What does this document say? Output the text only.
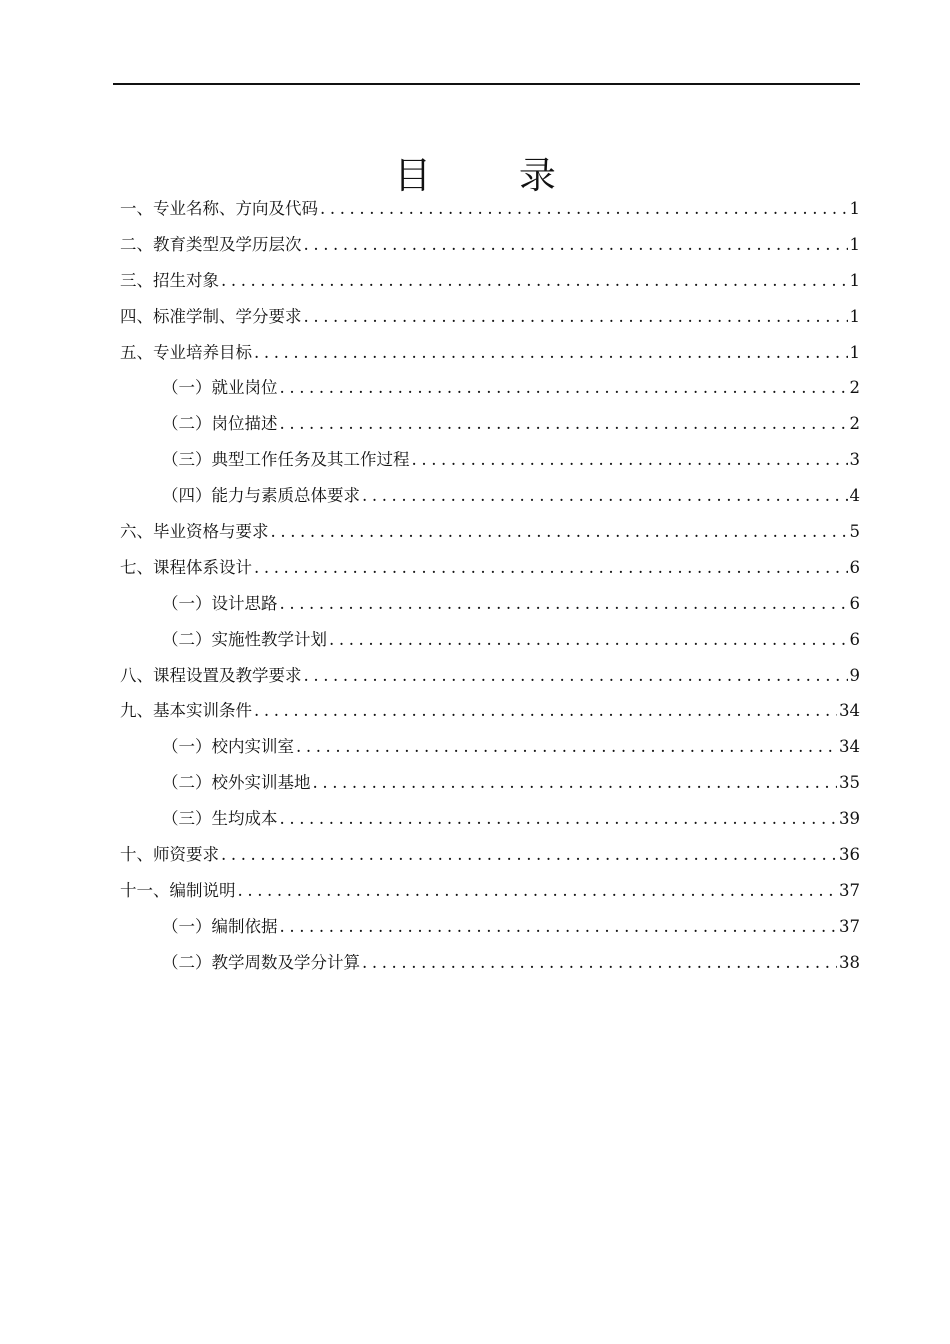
目 录
一、专业名称、方向及代码 .....	1
二、教育类型及学历层次 .....	1
三、招生对象 .....	1
四、标准学制、学分要求 .....	1
五、专业培养目标 .....	1
（一）就业岗位 .....	2
（二）岗位描述 .....	2
（三）典型工作任务及其工作过程 .....	3
（四）能力与素质总体要求 .....	4
六、毕业资格与要求 .....	5
七、课程体系设计 .....	6
（一）设计思路 .....	6
（二）实施性教学计划 .....	6
八、课程设置及教学要求 .....	9
九、基本实训条件 .....	34
（一）校内实训室 .....	34
（二）校外实训基地 .....	35
（三）生均成本 .....	39
十、师资要求 .....	36
十一、编制说明 .....	37
（一）编制依据 .....	37
（二）教学周数及学分计算 .....	38
